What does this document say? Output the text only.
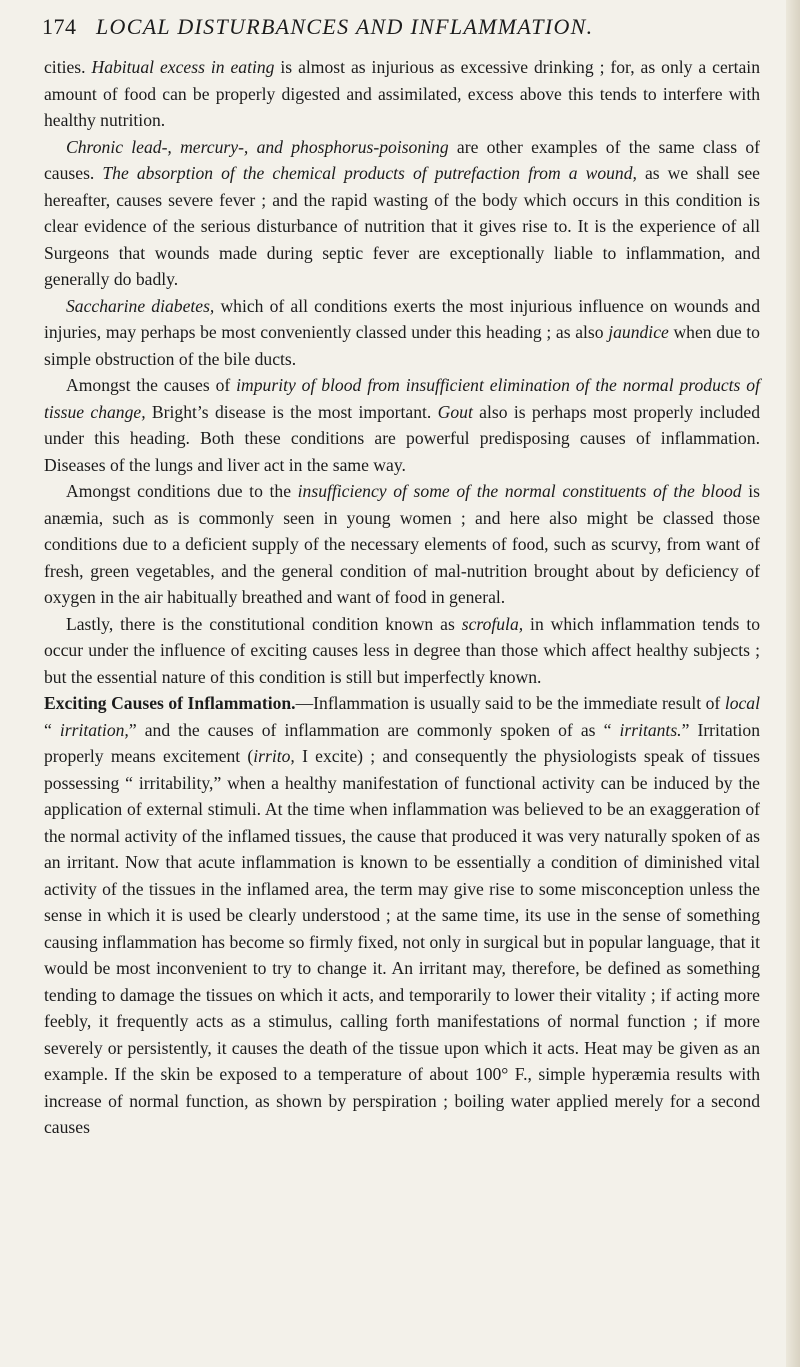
174 LOCAL DISTURBANCES AND INFLAMMATION.

cities. Habitual excess in eating is almost as injurious as excessive drinking ; for, as only a certain amount of food can be properly digested and assimilated, excess above this tends to interfere with healthy nutrition.

Chronic lead-, mercury-, and phosphorus-poisoning are other examples of the same class of causes. The absorption of the chemical products of putrefaction from a wound, as we shall see hereafter, causes severe fever ; and the rapid wasting of the body which occurs in this condition is clear evidence of the serious disturbance of nutrition that it gives rise to. It is the experience of all Surgeons that wounds made during septic fever are exceptionally liable to inflammation, and generally do badly.

Saccharine diabetes, which of all conditions exerts the most injurious influence on wounds and injuries, may perhaps be most conveniently classed under this heading ; as also jaundice when due to simple obstruction of the bile ducts.

Amongst the causes of impurity of blood from insufficient elimination of the normal products of tissue change, Bright’s disease is the most important. Gout also is perhaps most properly included under this heading. Both these conditions are powerful predisposing causes of inflammation. Diseases of the lungs and liver act in the same way.

Amongst conditions due to the insufficiency of some of the normal constituents of the blood is anæmia, such as is commonly seen in young women ; and here also might be classed those conditions due to a deficient supply of the necessary elements of food, such as scurvy, from want of fresh, green vegetables, and the general condition of mal-nutrition brought about by deficiency of oxygen in the air habitually breathed and want of food in general.

Lastly, there is the constitutional condition known as scrofula, in which inflammation tends to occur under the influence of exciting causes less in degree than those which affect healthy subjects ; but the essential nature of this condition is still but imperfectly known.

Exciting Causes of Inflammation.—Inflammation is usually said to be the immediate result of local “ irritation,” and the causes of inflammation are commonly spoken of as “ irritants.” Irritation properly means excitement (irrito, I excite) ; and consequently the physiologists speak of tissues possessing “ irritability,” when a healthy manifestation of functional activity can be induced by the application of external stimuli. At the time when inflammation was believed to be an exaggeration of the normal activity of the inflamed tissues, the cause that produced it was very naturally spoken of as an irritant. Now that acute inflammation is known to be essentially a condition of diminished vital activity of the tissues in the inflamed area, the term may give rise to some misconception unless the sense in which it is used be clearly understood ; at the same time, its use in the sense of something causing inflammation has become so firmly fixed, not only in surgical but in popular language, that it would be most inconvenient to try to change it. An irritant may, therefore, be defined as something tending to damage the tissues on which it acts, and temporarily to lower their vitality ; if acting more feebly, it frequently acts as a stimulus, calling forth manifestations of normal function ; if more severely or persistently, it causes the death of the tissue upon which it acts. Heat may be given as an example. If the skin be exposed to a temperature of about 100° F., simple hyperæmia results with increase of normal function, as shown by perspiration ; boiling water applied merely for a second causes
